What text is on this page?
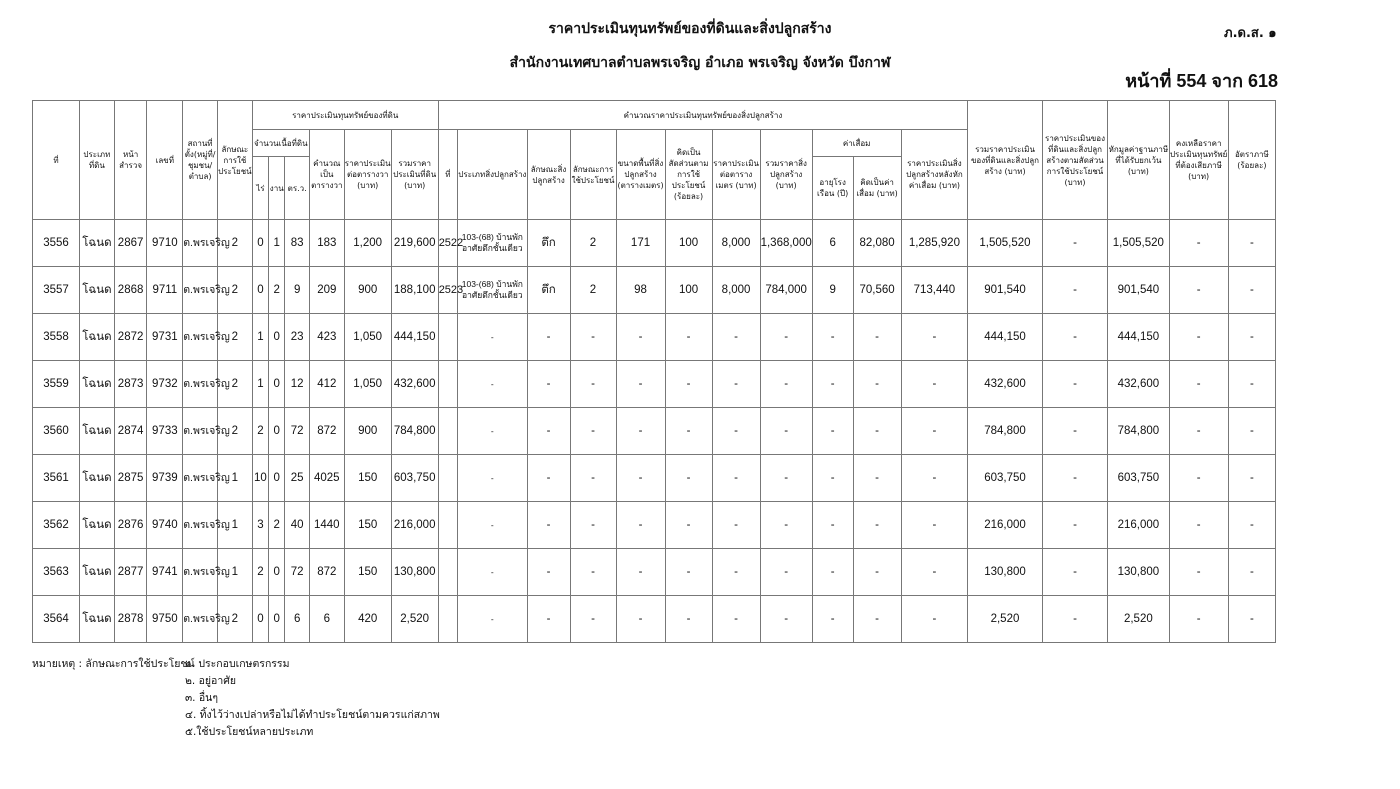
ราคาประเมินทุนทรัพย์ของที่ดินและสิ่งปลูกสร้าง
สำนักงานเทศบาลตำบลพรเจริญ อำเภอ พรเจริญ จังหวัด บึงกาฬ
ภ.ด.ส. ๑
หน้าที่ 554 จาก 618
ที่	ประเภทที่ดิน	หน้าสำรวจ	เลขที่	สถานที่ตั้ง(หมู่ที่/ชุมชน/ตำบล)	ลักษณะการใช้ประโยชน์	ราคาประเมินทุนทรัพย์ของที่ดิน						คำนวณราคาประเมินทุนทรัพย์ของสิ่งปลูกสร้าง											รวมราคาประเมินของที่ดินและสิ่งปลูกสร้าง (บาท)	ราคาประเมินของที่ดินและสิ่งปลูกสร้างตามสัดส่วนการใช้ประโยชน์ (บาท)	หักมูลค่าฐานภาษีที่ได้รับยกเว้น (บาท)	คงเหลือราคาประเมินทุนทรัพย์ที่ต้องเสียภาษี (บาท)	อัตราภาษี (ร้อยละ)
						จำนวนเนื้อที่ดิน			คำนวณเป็นตารางวา	ราคาประเมินต่อตารางวา (บาท)	รวมราคาประเมินที่ดิน (บาท)	ที่	ประเภทสิ่งปลูกสร้าง	ลักษณะสิ่งปลูกสร้าง	ลักษณะการใช้ประโยชน์	ขนาดพื้นที่สิ่งปลูกสร้าง (ตารางเมตร)	คิดเป็นสัดส่วนตามการใช้ประโยชน์ (ร้อยละ)	ราคาประเมินต่อตารางเมตร (บาท)	รวมราคาสิ่งปลูกสร้าง (บาท)	ค่าเสื่อม		ราคาประเมินสิ่งปลูกสร้างหลังหักค่าเสื่อม (บาท)					
						ไร่	งาน	ตร.ว.												อายุโรงเรือน (ปี)	คิดเป็นค่าเสื่อม (บาท)						
3556	โฉนด	2867	9710	ต.พรเจริญ	2	0	1	83	183	1,200	219,600	2522	103-(68) บ้านพักอาศัยตึกชั้นเดียว	ตึก	2	171	100	8,000	1,368,000	6	82,080	1,285,920	1,505,520	-	1,505,520	-	-
3557	โฉนด	2868	9711	ต.พรเจริญ	2	0	2	9	209	900	188,100	2523	103-(68) บ้านพักอาศัยตึกชั้นเดียว	ตึก	2	98	100	8,000	784,000	9	70,560	713,440	901,540	-	901,540	-	-
3558	โฉนด	2872	9731	ต.พรเจริญ	2	1	0	23	423	1,050	444,150		-	-	-	-	-	-	-	-	-	-	444,150	-	444,150	-	-
3559	โฉนด	2873	9732	ต.พรเจริญ	2	1	0	12	412	1,050	432,600		-	-	-	-	-	-	-	-	-	-	432,600	-	432,600	-	-
3560	โฉนด	2874	9733	ต.พรเจริญ	2	2	0	72	872	900	784,800		-	-	-	-	-	-	-	-	-	-	784,800	-	784,800	-	-
3561	โฉนด	2875	9739	ต.พรเจริญ	1	10	0	25	4025	150	603,750		-	-	-	-	-	-	-	-	-	-	603,750	-	603,750	-	-
3562	โฉนด	2876	9740	ต.พรเจริญ	1	3	2	40	1440	150	216,000		-	-	-	-	-	-	-	-	-	-	216,000	-	216,000	-	-
3563	โฉนด	2877	9741	ต.พรเจริญ	1	2	0	72	872	150	130,800		-	-	-	-	-	-	-	-	-	-	130,800	-	130,800	-	-
3564	โฉนด	2878	9750	ต.พรเจริญ	2	0	0	6	6	420	2,520		-	-	-	-	-	-	-	-	-	-	2,520	-	2,520	-	-
หมายเหตุ : ลักษณะการใช้ประโยชน์
๑. ประกอบเกษตรกรรม
๒. อยู่อาศัย
๓. อื่นๆ
๔. ทิ้งไว้ว่างเปล่าหรือไม่ได้ทำประโยชน์ตามควรแก่สภาพ
๕.ใช้ประโยชน์หลายประเภท
